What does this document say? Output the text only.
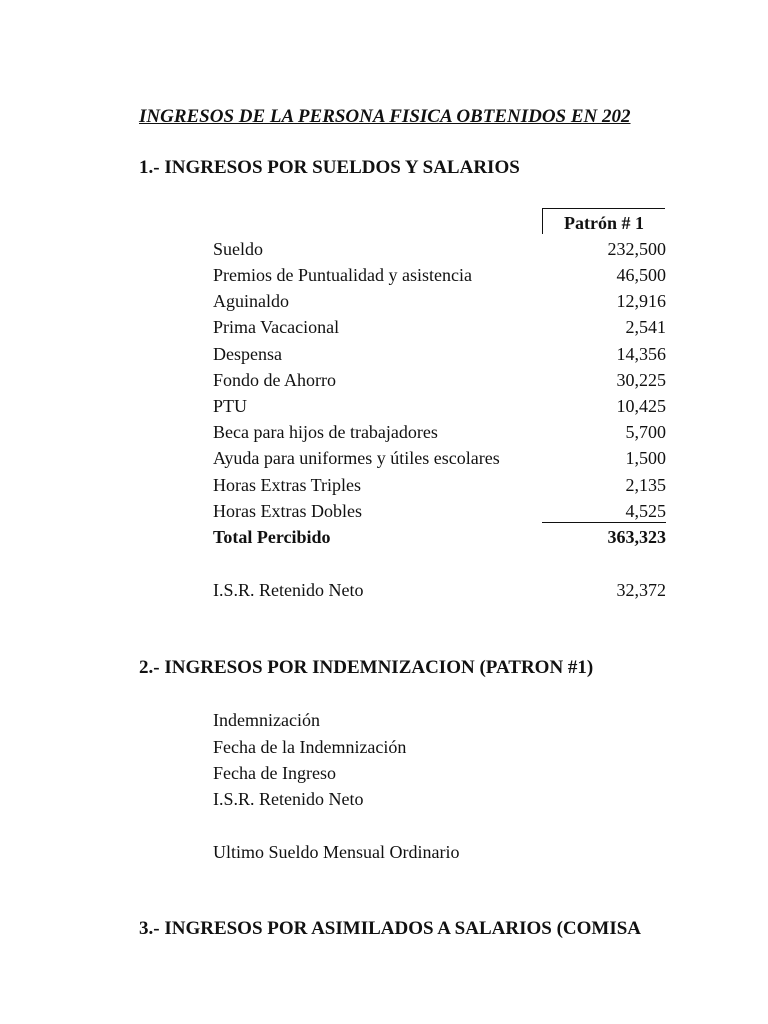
INGRESOS DE LA PERSONA FISICA OBTENIDOS EN 202
1.- INGRESOS POR SUELDOS Y SALARIOS
Patrón # 1
Sueldo	232,500
Premios de Puntualidad y asistencia	46,500
Aguinaldo	12,916
Prima Vacacional	2,541
Despensa	14,356
Fondo de Ahorro	30,225
PTU	10,425
Beca para hijos de trabajadores	5,700
Ayuda para uniformes y útiles escolares	1,500
Horas Extras Triples	2,135
Horas Extras Dobles	4,525
Total Percibido	363,323
I.S.R. Retenido Neto	32,372
2.- INGRESOS POR INDEMNIZACION (PATRON #1)
Indemnización
Fecha de la Indemnización
Fecha de Ingreso
I.S.R. Retenido Neto
Ultimo Sueldo Mensual Ordinario
3.- INGRESOS POR ASIMILADOS A SALARIOS (COMISA
